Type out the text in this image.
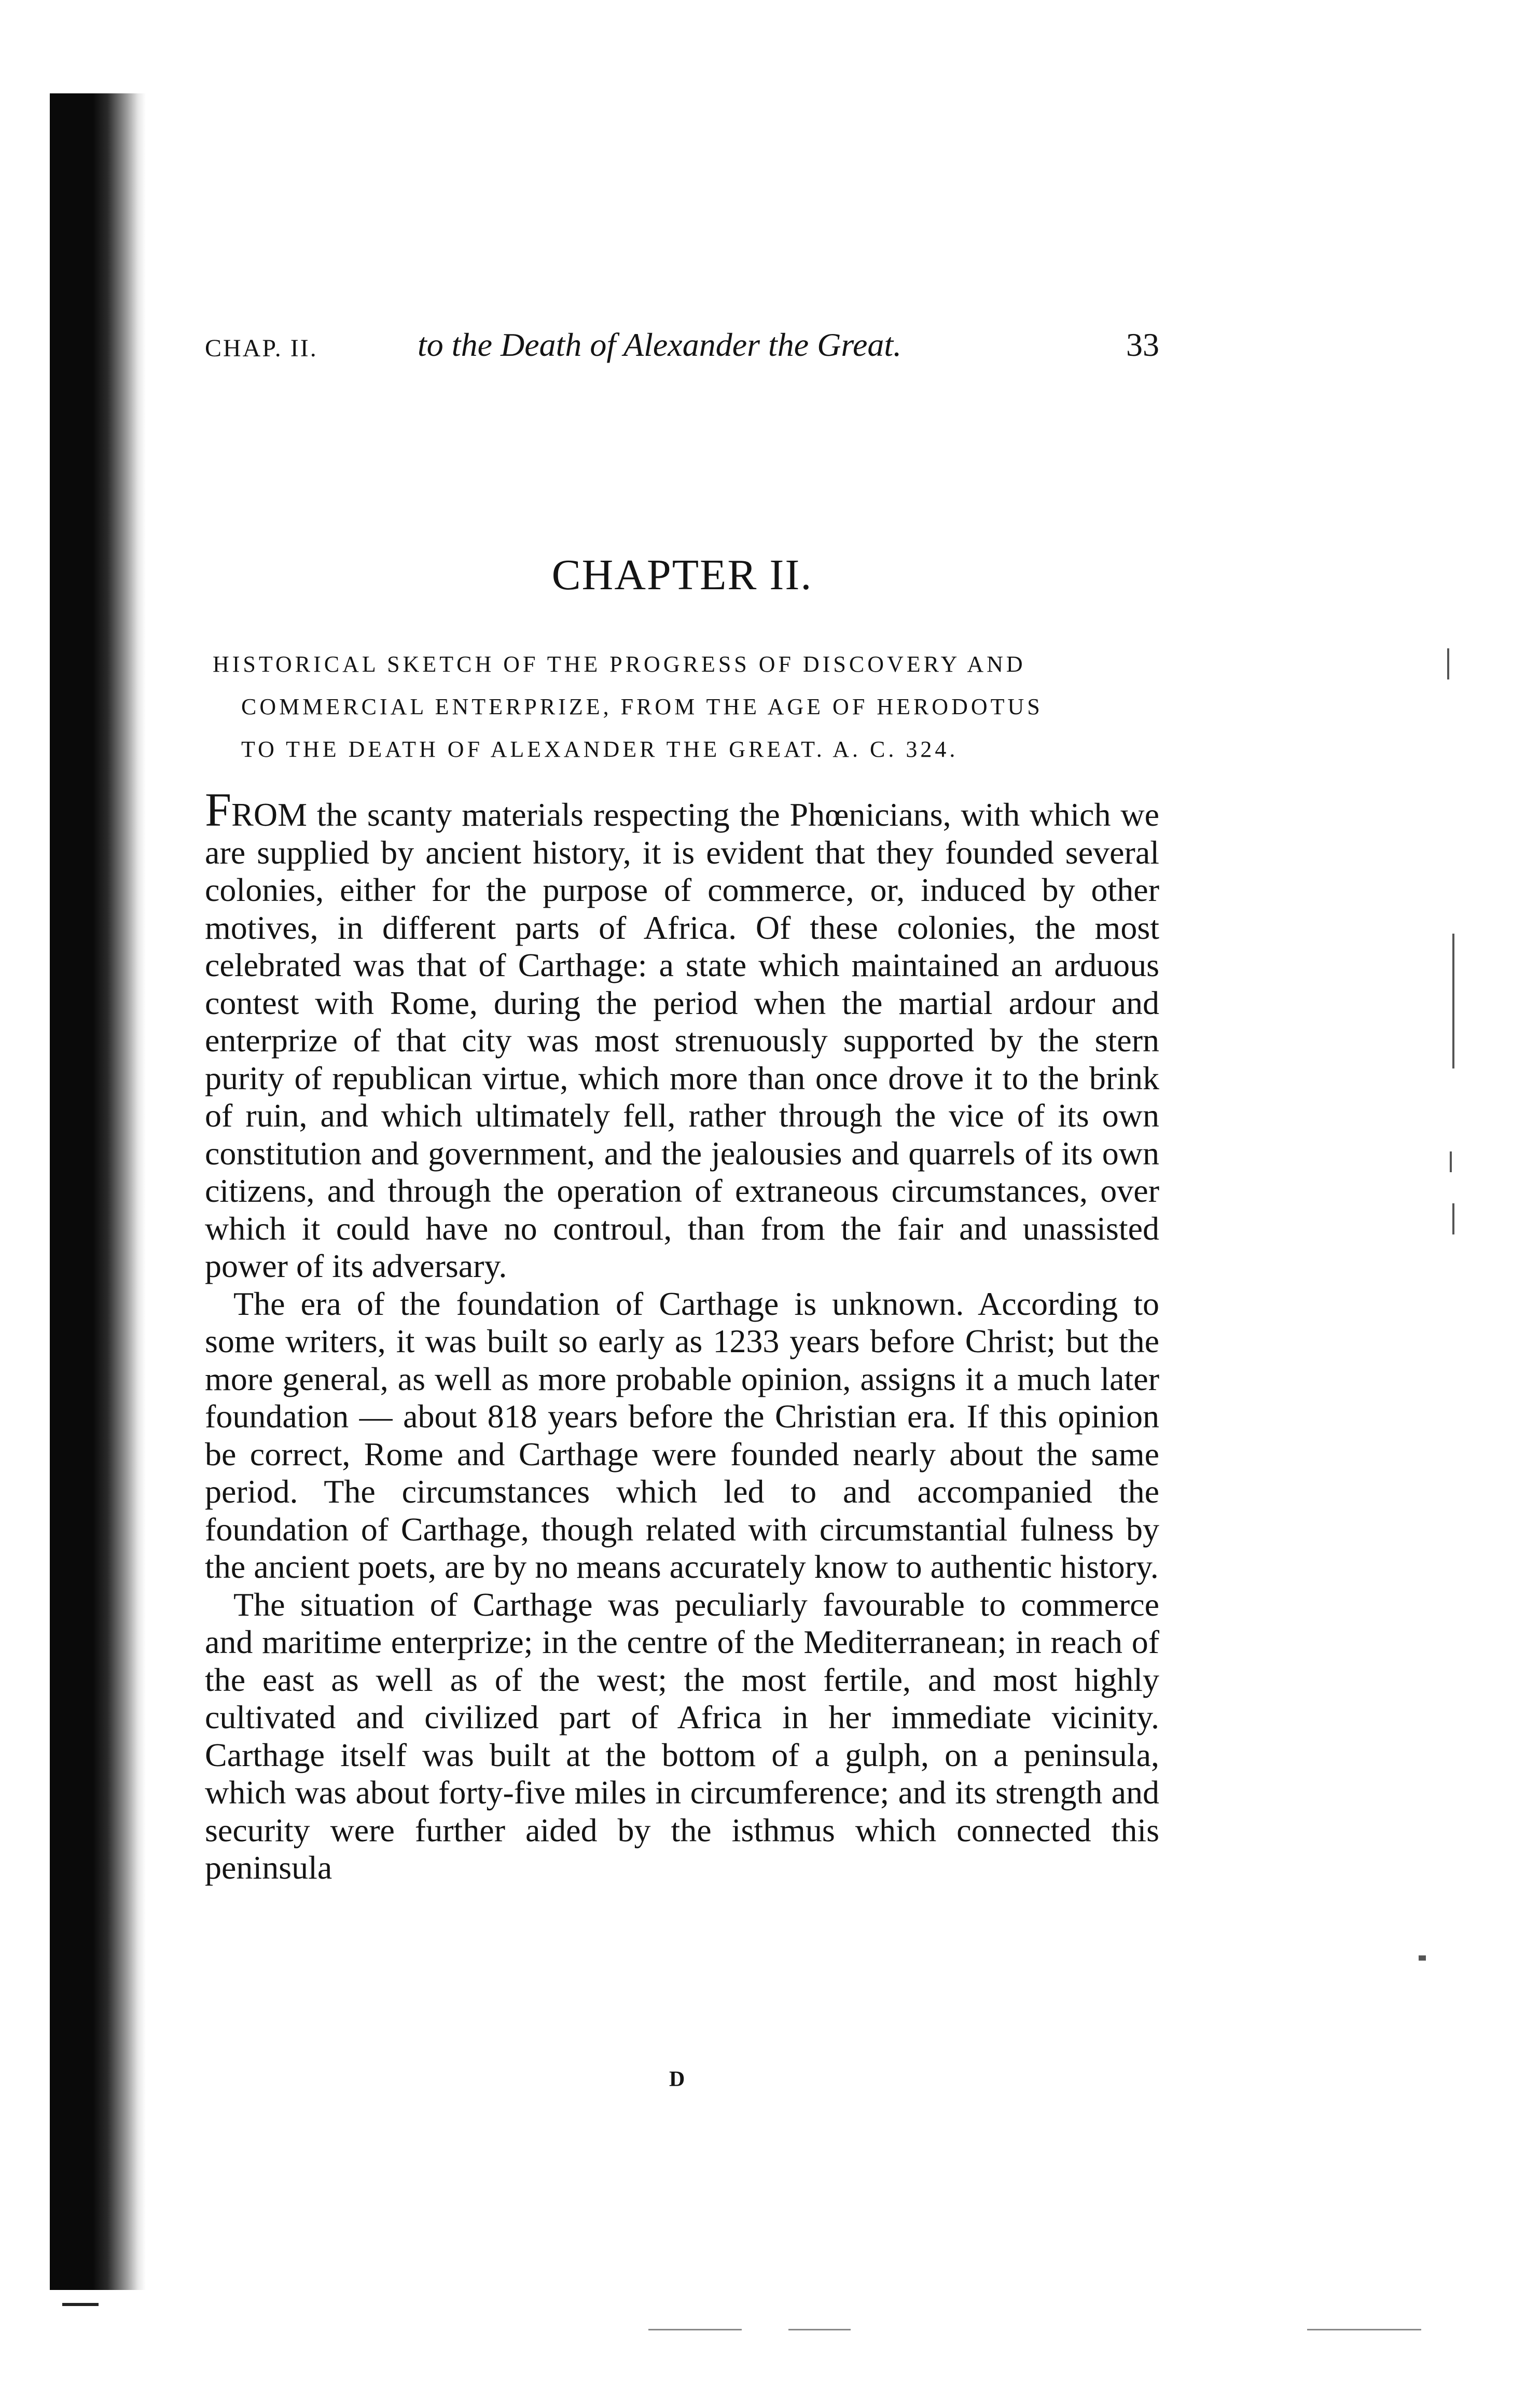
CHAP. II.	to the Death of Alexander the Great.	33
CHAPTER II.
HISTORICAL SKETCH OF THE PROGRESS OF DISCOVERY AND
COMMERCIAL ENTERPRIZE, FROM THE AGE OF HERODOTUS
TO THE DEATH OF ALEXANDER THE GREAT. A. C. 324.

FROM the scanty materials respecting the Phœnicians, with which we are supplied by ancient history, it is evident that they founded several colonies, either for the purpose of commerce, or, induced by other motives, in different parts of Africa. Of these colonies, the most celebrated was that of Carthage: a state which maintained an arduous contest with Rome, during the period when the martial ardour and enterprize of that city was most strenuously supported by the stern purity of republican virtue, which more than once drove it to the brink of ruin, and which ultimately fell, rather through the vice of its own constitution and government, and the jealousies and quarrels of its own citizens, and through the operation of extraneous circumstances, over which it could have no controul, than from the fair and unassisted power of its adversary.

The era of the foundation of Carthage is unknown. According to some writers, it was built so early as 1233 years before Christ; but the more general, as well as more probable opinion, assigns it a much later foundation — about 818 years before the Christian era. If this opinion be correct, Rome and Carthage were founded nearly about the same period. The circumstances which led to and accompanied the foundation of Carthage, though related with circumstantial fulness by the ancient poets, are by no means accurately know to authentic history.

The situation of Carthage was peculiarly favourable to commerce and maritime enterprize; in the centre of the Mediterranean; in reach of the east as well as of the west; the most fertile, and most highly cultivated and civilized part of Africa in her immediate vicinity. Carthage itself was built at the bottom of a gulph, on a peninsula, which was about forty-five miles in circumference; and its strength and security were further aided by the isthmus which connected this peninsula

D
